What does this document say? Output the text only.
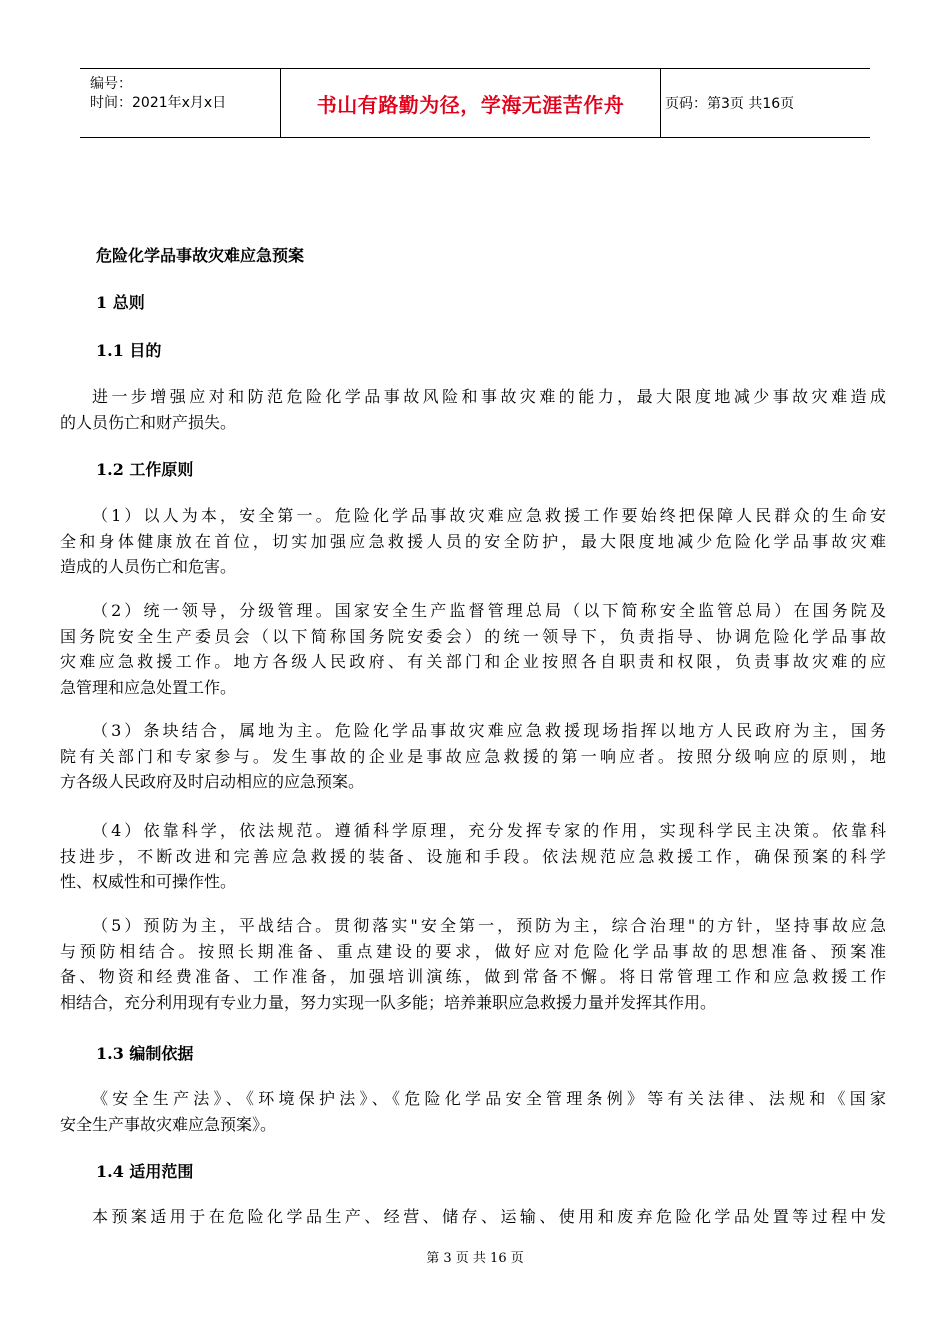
编号：
时间：2021年x月x日	书山有路勤为径，学海无涯苦作舟	页码：第3页 共16页
危险化学品事故灾难应急预案
1 总则
1.1 目的
进一步增强应对和防范危险化学品事故风险和事故灾难的能力，最大限度地减少事故灾难造成
的人员伤亡和财产损失。
1.2 工作原则
（1）以人为本，安全第一。危险化学品事故灾难应急救援工作要始终把保障人民群众的生命安
全和身体健康放在首位，切实加强应急救援人员的安全防护，最大限度地减少危险化学品事故灾难
造成的人员伤亡和危害。
（2）统一领导，分级管理。国家安全生产监督管理总局（以下简称安全监管总局）在国务院及
国务院安全生产委员会（以下简称国务院安委会）的统一领导下，负责指导、协调危险化学品事故
灾难应急救援工作。地方各级人民政府、有关部门和企业按照各自职责和权限，负责事故灾难的应
急管理和应急处置工作。
（3）条块结合，属地为主。危险化学品事故灾难应急救援现场指挥以地方人民政府为主，国务
院有关部门和专家参与。发生事故的企业是事故应急救援的第一响应者。按照分级响应的原则，地
方各级人民政府及时启动相应的应急预案。
（4）依靠科学，依法规范。遵循科学原理，充分发挥专家的作用，实现科学民主决策。依靠科
技进步，不断改进和完善应急救援的装备、设施和手段。依法规范应急救援工作，确保预案的科学
性、权威性和可操作性。
（5）预防为主，平战结合。贯彻落实"安全第一，预防为主，综合治理"的方针，坚持事故应急
与预防相结合。按照长期准备、重点建设的要求，做好应对危险化学品事故的思想准备、预案准
备、物资和经费准备、工作准备，加强培训演练，做到常备不懈。将日常管理工作和应急救援工作
相结合，充分利用现有专业力量，努力实现一队多能；培养兼职应急救援力量并发挥其作用。
1.3 编制依据
《安全生产法》、《环境保护法》、《危险化学品安全管理条例》等有关法律、法规和《国家
安全生产事故灾难应急预案》。
1.4 适用范围
本预案适用于在危险化学品生产、经营、储存、运输、使用和废弃危险化学品处置等过程中发
第 3 页 共 16 页
